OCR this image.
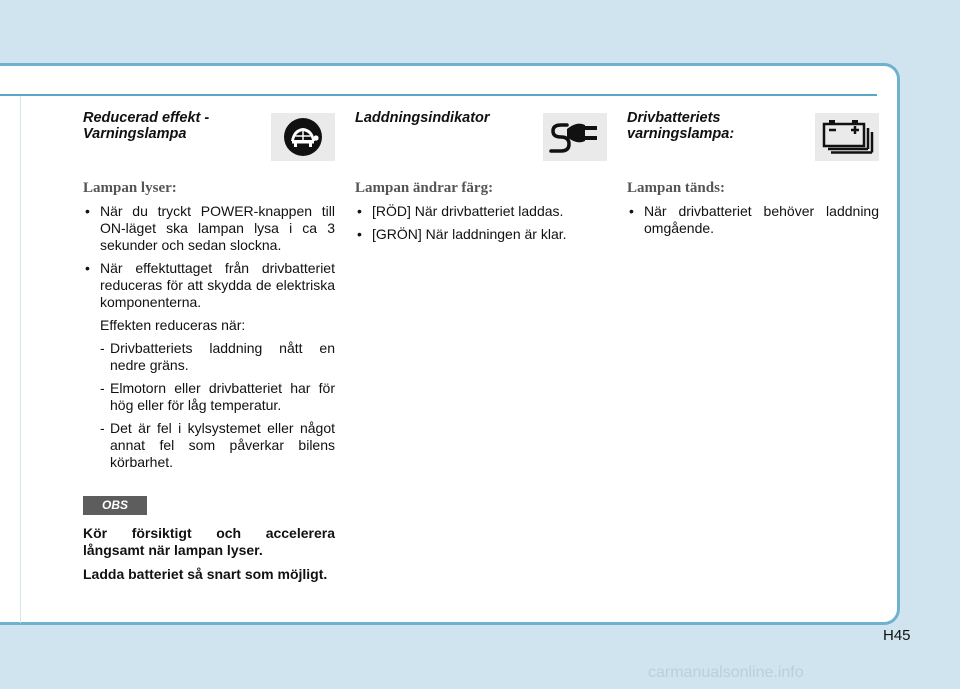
Reducerad effekt - Varningslampa
Lampan lyser:
• När du tryckt POWER-knappen till ON-läget ska lampan lysa i ca 3 sekunder och sedan slockna.
• När effektuttaget från drivbatteriet reduceras för att skydda de elektriska komponenterna.
Effekten reduceras när:
- Drivbatteriets laddning nått en nedre gräns.
- Elmotorn eller drivbatteriet har för hög eller för låg temperatur.
- Det är fel i kylsystemet eller något annat fel som påverkar bilens körbarhet.
OBS
Kör försiktigt och accelerera långsamt när lampan lyser.
Ladda batteriet så snart som möjligt.
Laddningsindikator
Lampan ändrar färg:
• [RÖD] När drivbatteriet laddas.
• [GRÖN] När laddningen är klar.
Drivbatteriets varningslampa:
Lampan tänds:
• När drivbatteriet behöver laddning omgående.
H45
carmanualsonline.info
